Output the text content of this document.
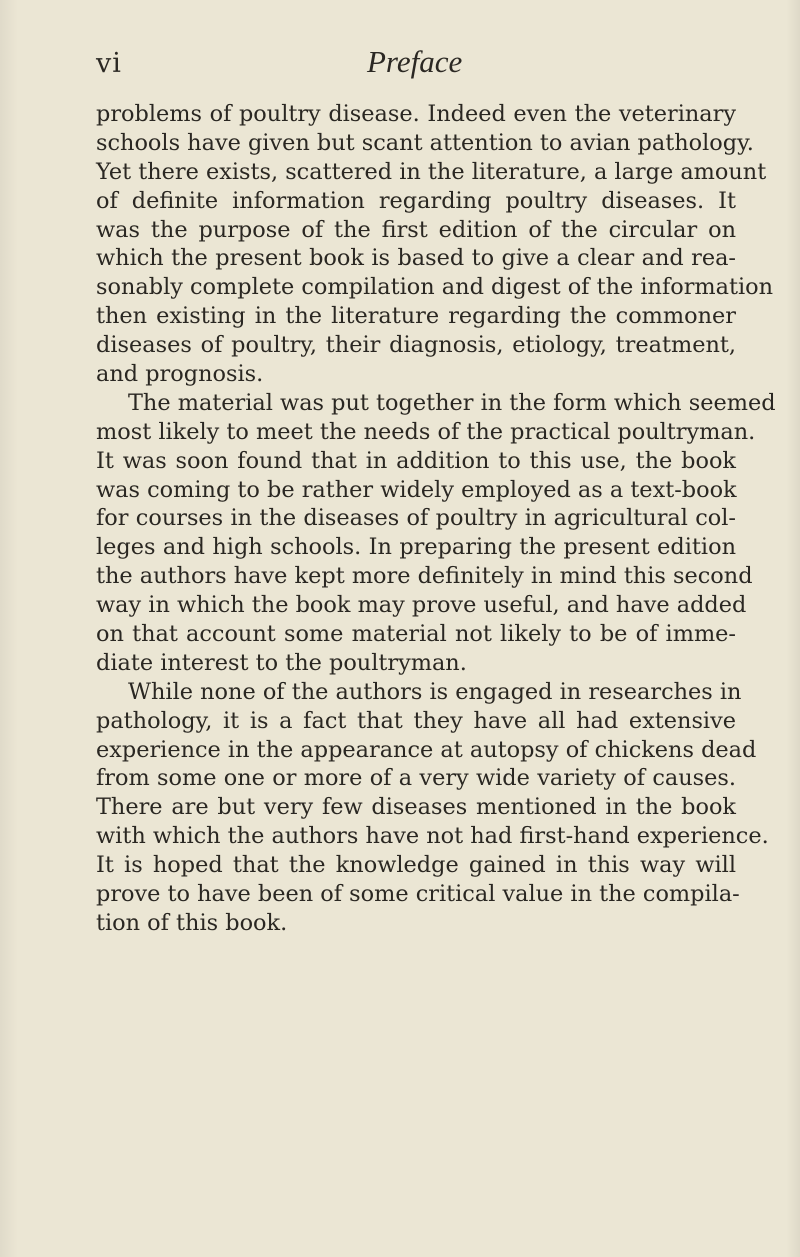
vi	Preface
problems of poultry disease. Indeed even the veterinary
schools have given but scant attention to avian pathology.
Yet there exists, scattered in the literature, a large amount
of definite information regarding poultry diseases. It
was the purpose of the first edition of the circular on
which the present book is based to give a clear and rea-
sonably complete compilation and digest of the information
then existing in the literature regarding the commoner
diseases of poultry, their diagnosis, etiology, treatment,
and prognosis.
The material was put together in the form which seemed
most likely to meet the needs of the practical poultryman.
It was soon found that in addition to this use, the book
was coming to be rather widely employed as a text-book
for courses in the diseases of poultry in agricultural col-
leges and high schools. In preparing the present edition
the authors have kept more definitely in mind this second
way in which the book may prove useful, and have added
on that account some material not likely to be of imme-
diate interest to the poultryman.
While none of the authors is engaged in researches in
pathology, it is a fact that they have all had extensive
experience in the appearance at autopsy of chickens dead
from some one or more of a very wide variety of causes.
There are but very few diseases mentioned in the book
with which the authors have not had first-hand experience.
It is hoped that the knowledge gained in this way will
prove to have been of some critical value in the compila-
tion of this book.
